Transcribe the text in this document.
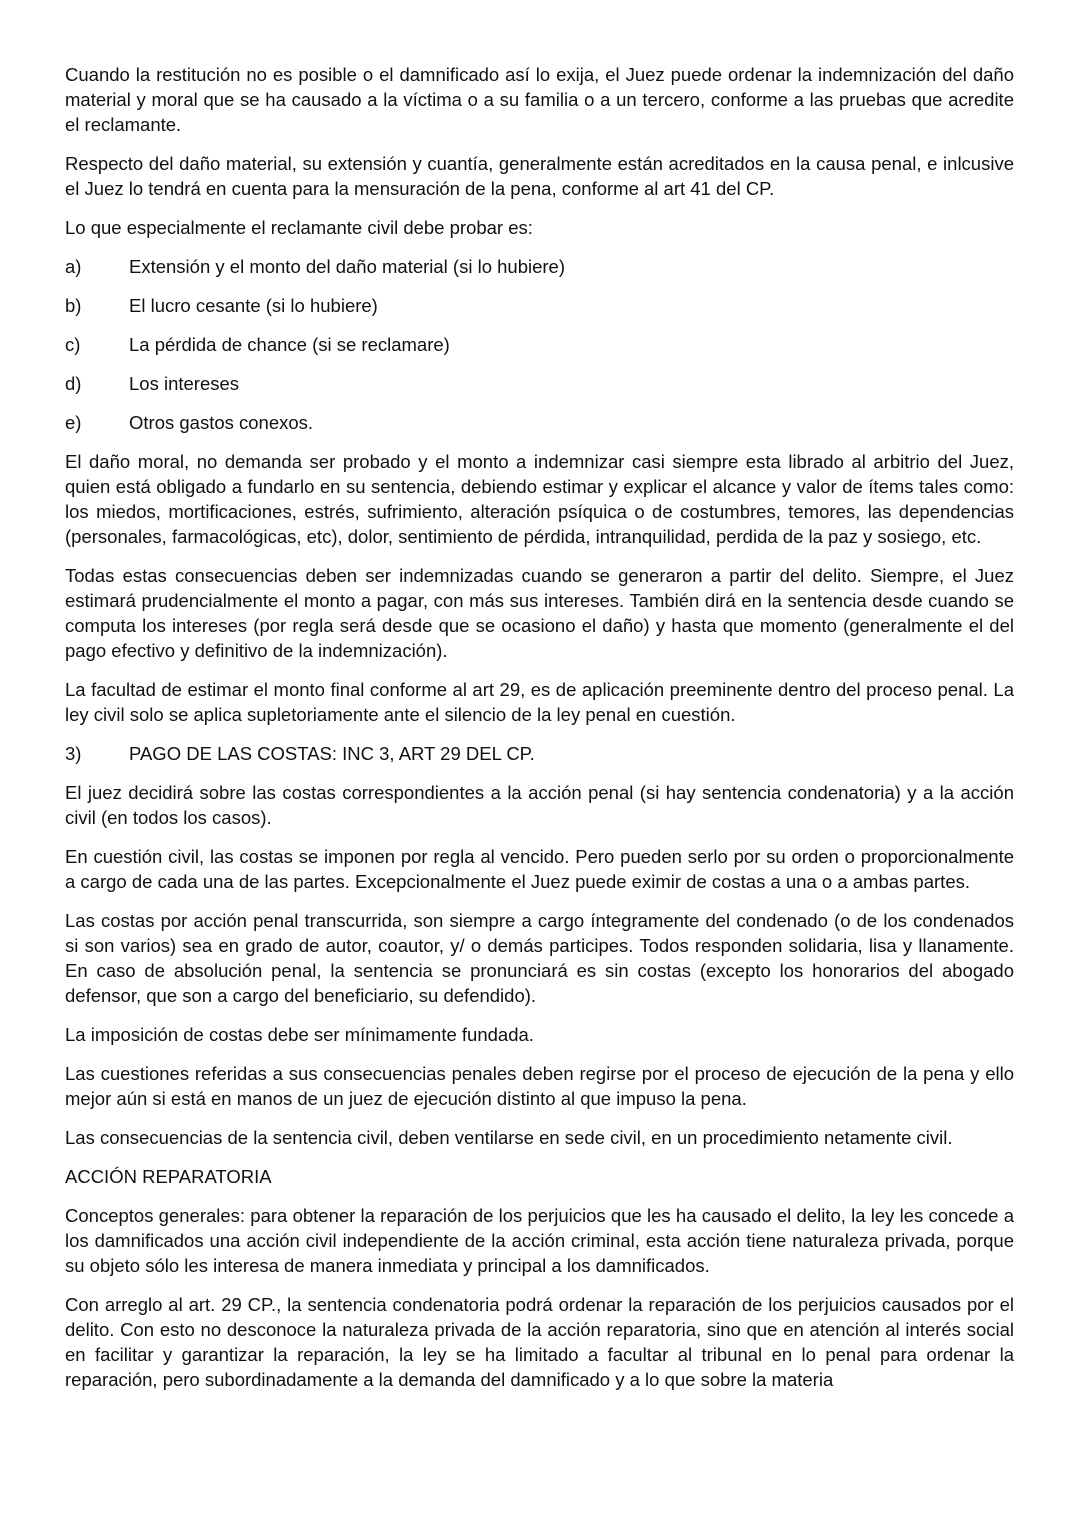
Cuando la restitución no es posible o el damnificado así lo exija, el Juez puede ordenar la indemnización del daño material y moral que se ha causado a la víctima o a su familia o a un tercero, conforme a las pruebas que acredite el reclamante.

Respecto del daño material, su extensión y cuantía, generalmente están acreditados en la causa penal, e inlcusive el Juez lo tendrá en cuenta para la mensuración de la pena, conforme al art 41 del CP.

Lo que especialmente el reclamante civil debe probar es:

a)	Extensión y el monto del daño material (si lo hubiere)
b)	El lucro cesante (si lo hubiere)
c)	La pérdida de chance (si se reclamare)
d)	Los intereses
e)	Otros gastos conexos.

El daño moral, no demanda ser probado y el monto a indemnizar casi siempre esta librado al arbitrio del Juez, quien está obligado a fundarlo en su sentencia, debiendo estimar y explicar el alcance y valor de ítems tales como: los miedos, mortificaciones, estrés, sufrimiento, alteración psíquica o de costumbres, temores, las dependencias (personales, farmacológicas, etc), dolor, sentimiento de pérdida, intranquilidad, perdida de la paz y sosiego, etc.

Todas estas consecuencias deben ser indemnizadas cuando se generaron a partir del delito. Siempre, el Juez estimará prudencialmente el monto a pagar, con más sus intereses. También dirá en la sentencia desde cuando se computa los intereses (por regla será desde que se ocasiono el daño) y hasta que momento (generalmente el del pago efectivo y definitivo de la indemnización).

La facultad de estimar el monto final conforme al art 29, es de aplicación preeminente dentro del proceso penal. La ley civil solo se aplica supletoriamente ante el silencio de la ley penal en cuestión.

3)	PAGO DE LAS COSTAS: INC 3, ART 29 DEL CP.

El juez decidirá sobre las costas correspondientes a la acción penal (si hay sentencia condenatoria) y a la acción civil (en todos los casos).

En cuestión civil, las costas se imponen por regla al vencido. Pero pueden serlo por su orden o proporcionalmente a cargo de cada una de las partes. Excepcionalmente el Juez puede eximir de costas a una o a ambas partes.

Las costas por acción penal transcurrida, son siempre a cargo íntegramente del condenado (o de los condenados si son varios) sea en grado de autor, coautor, y/ o demás participes. Todos responden solidaria, lisa y llanamente. En caso de absolución penal, la sentencia se pronunciará es sin costas (excepto los honorarios del abogado defensor, que son a cargo del beneficiario, su defendido).

La imposición de costas debe ser mínimamente fundada.

Las cuestiones referidas a sus consecuencias penales deben regirse por el proceso de ejecución de la pena y ello mejor aún si está en manos de un juez de ejecución distinto al que impuso la pena.

Las consecuencias de la sentencia civil, deben ventilarse en sede civil, en un procedimiento netamente civil.

ACCIÓN REPARATORIA

Conceptos generales: para obtener la reparación de los perjuicios que les ha causado el delito, la ley les concede a los damnificados una acción civil independiente de la acción criminal, esta acción tiene naturaleza privada, porque su objeto sólo les interesa de manera inmediata y principal a los damnificados.

Con arreglo al art. 29 CP., la sentencia condenatoria podrá ordenar la reparación de los perjuicios causados por el delito. Con esto no desconoce la naturaleza privada de la acción reparatoria, sino que en atención al interés social en facilitar y garantizar la reparación, la ley se ha limitado a facultar al tribunal en lo penal para ordenar la reparación, pero subordinadamente a la demanda del damnificado y a lo que sobre la materia
